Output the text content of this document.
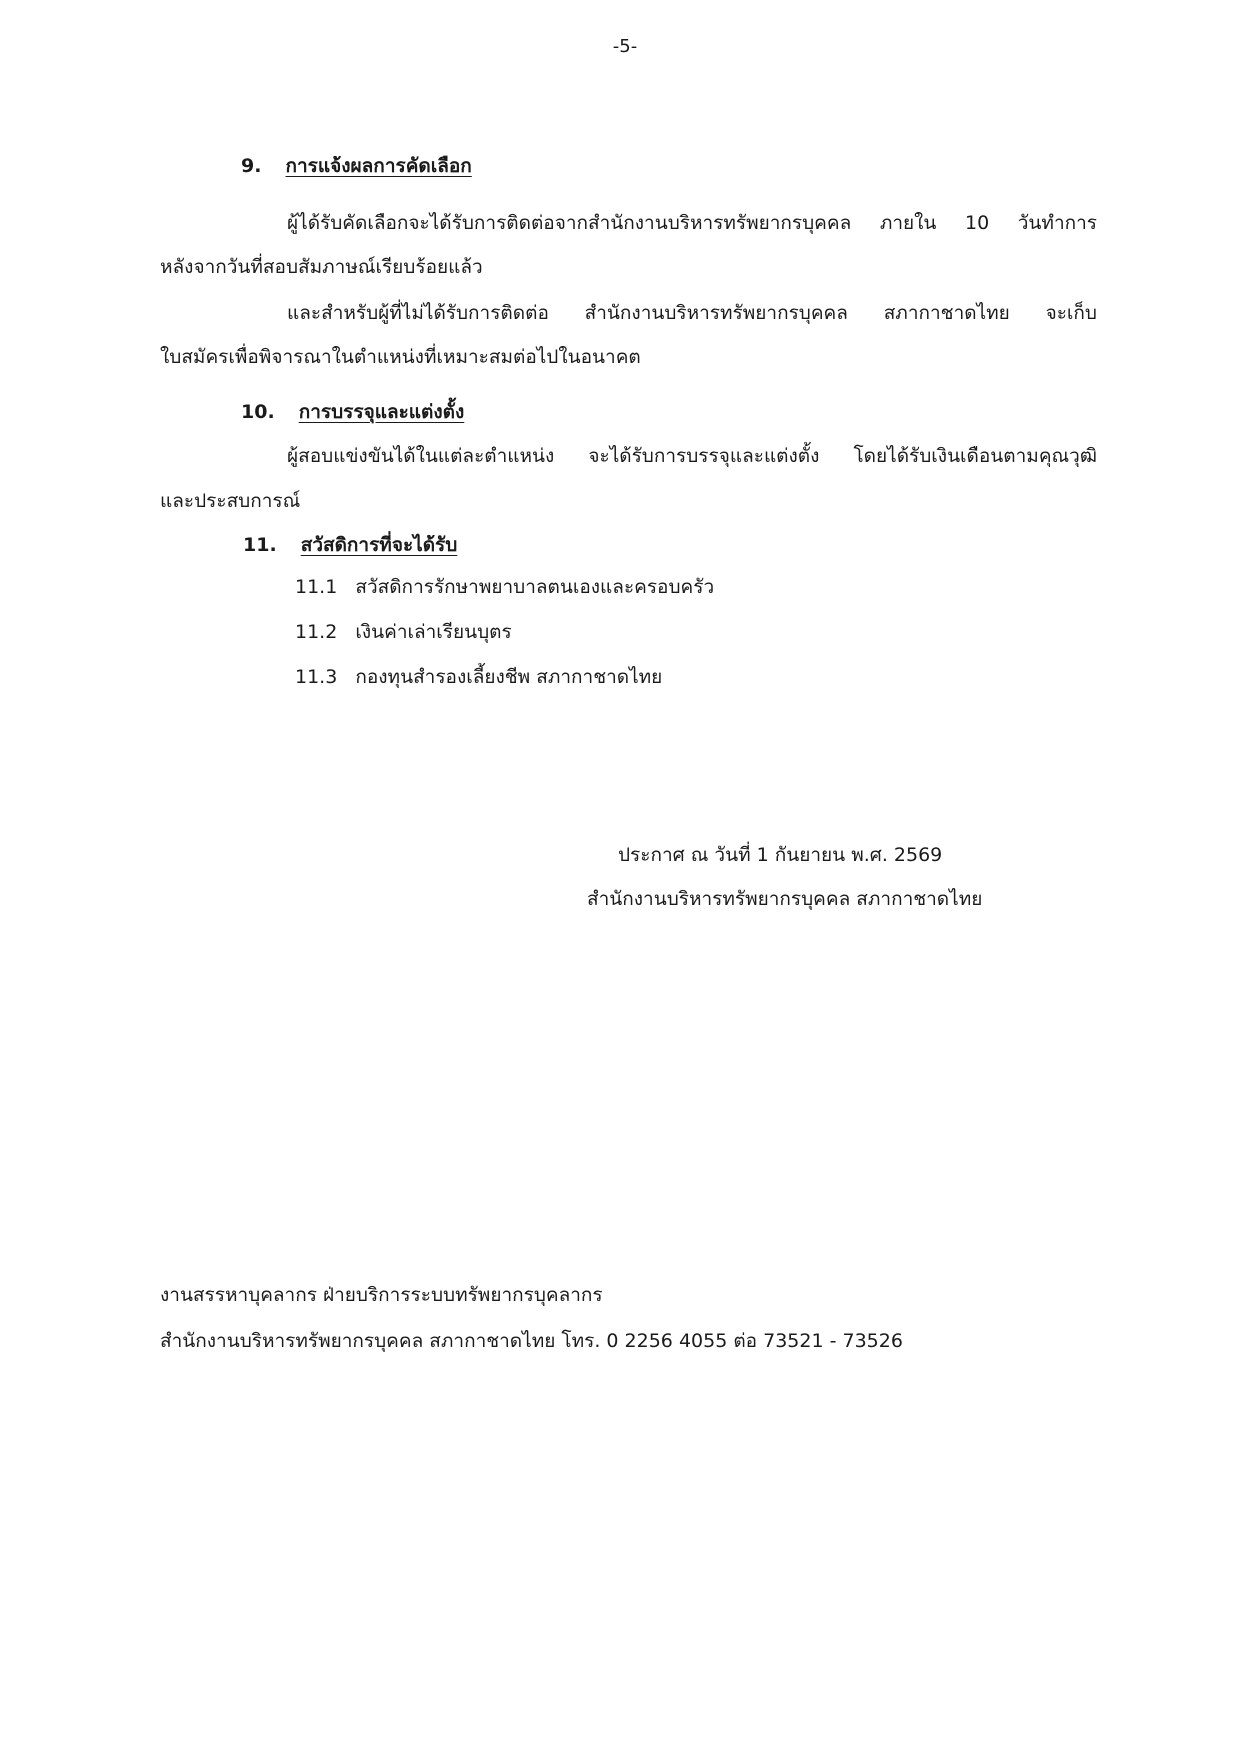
-5-
9. การแจ้งผลการคัดเลือก
ผู้ได้รับคัดเลือกจะได้รับการติดต่อจากสำนักงานบริหารทรัพยากรบุคคล ภายใน 10 วันทำการ
หลังจากวันที่สอบสัมภาษณ์เรียบร้อยแล้ว
และสำหรับผู้ที่ไม่ได้รับการติดต่อ สำนักงานบริหารทรัพยากรบุคคล สภากาชาดไทย จะเก็บ
ใบสมัครเพื่อพิจารณาในตำแหน่งที่เหมาะสมต่อไปในอนาคต
10. การบรรจุและแต่งตั้ง
ผู้สอบแข่งขันได้ในแต่ละตำแหน่ง จะได้รับการบรรจุและแต่งตั้ง โดยได้รับเงินเดือนตามคุณวุฒิ
และประสบการณ์
11. สวัสดิการที่จะได้รับ
11.1 สวัสดิการรักษาพยาบาลตนเองและครอบครัว
11.2 เงินค่าเล่าเรียนบุตร
11.3 กองทุนสำรองเลี้ยงชีพ สภากาชาดไทย
ประกาศ ณ วันที่ 1 กันยายน พ.ศ. 2569
สำนักงานบริหารทรัพยากรบุคคล สภากาชาดไทย
งานสรรหาบุคลากร ฝ่ายบริการระบบทรัพยากรบุคลากร
สำนักงานบริหารทรัพยากรบุคคล สภากาชาดไทย โทร. 0 2256 4055 ต่อ 73521 - 73526
